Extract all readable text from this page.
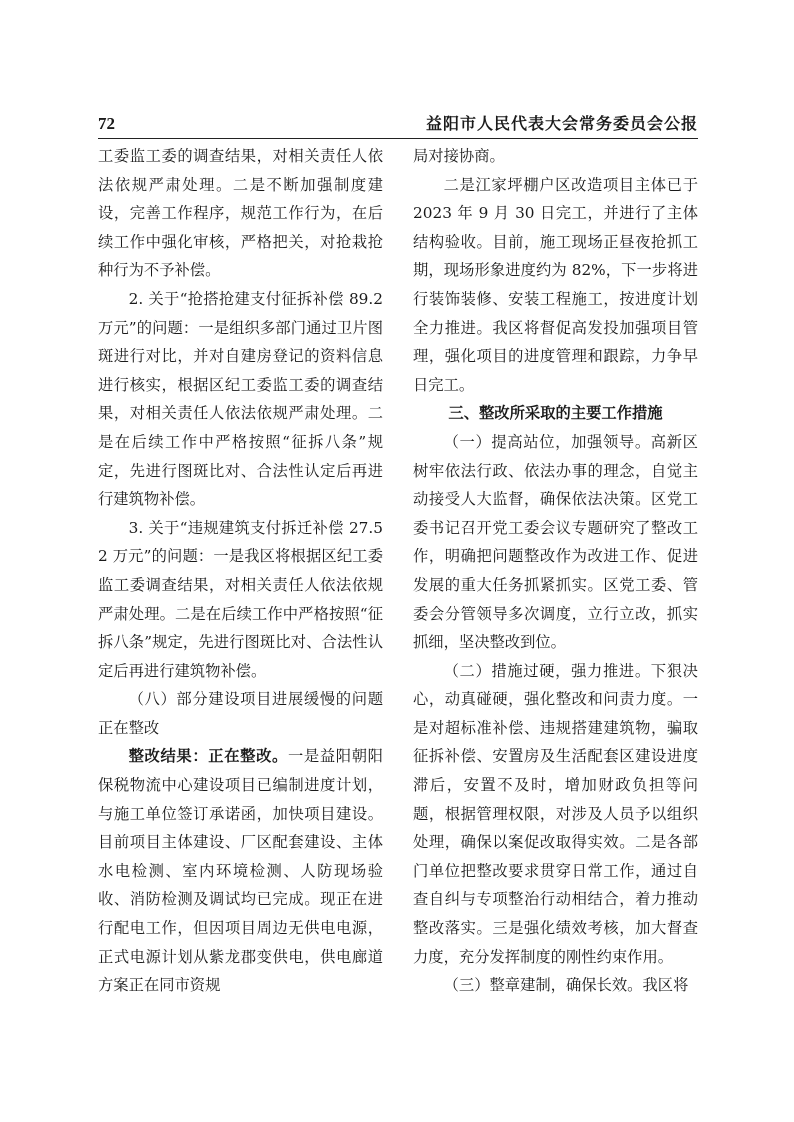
72	益阳市人民代表大会常务委员会公报

工委监工委的调查结果，对相关责任人依法依规严肃处理。二是不断加强制度建设，完善工作程序，规范工作行为，在后续工作中强化审核，严格把关，对抢栽抢种行为不予补偿。

2. 关于“抢搭抢建支付征拆补偿 89.2 万元”的问题：一是组织多部门通过卫片图斑进行对比，并对自建房登记的资料信息进行核实，根据区纪工委监工委的调查结果，对相关责任人依法依规严肃处理。二是在后续工作中严格按照“征拆八条”规定，先进行图斑比对、合法性认定后再进行建筑物补偿。

3. 关于“违规建筑支付拆迁补偿 27.52 万元”的问题：一是我区将根据区纪工委监工委调查结果，对相关责任人依法依规严肃处理。二是在后续工作中严格按照“征拆八条”规定，先进行图斑比对、合法性认定后再进行建筑物补偿。

（八）部分建设项目进展缓慢的问题正在整改

整改结果：正在整改。一是益阳朝阳保税物流中心建设项目已编制进度计划，与施工单位签订承诺函，加快项目建设。目前项目主体建设、厂区配套建设、主体水电检测、室内环境检测、人防现场验收、消防检测及调试均已完成。现正在进行配电工作，但因项目周边无供电电源，正式电源计划从紫龙郡变供电，供电廊道方案正在同市资规

局对接协商。

二是江家坪棚户区改造项目主体已于 2023 年 9 月 30 日完工，并进行了主体结构验收。目前，施工现场正昼夜抢抓工期，现场形象进度约为 82%，下一步将进行装饰装修、安装工程施工，按进度计划全力推进。我区将督促高发投加强项目管理，强化项目的进度管理和跟踪，力争早日完工。

三、整改所采取的主要工作措施

（一）提高站位，加强领导。高新区树牢依法行政、依法办事的理念，自觉主动接受人大监督，确保依法决策。区党工委书记召开党工委会议专题研究了整改工作，明确把问题整改作为改进工作、促进发展的重大任务抓紧抓实。区党工委、管委会分管领导多次调度，立行立改，抓实抓细，坚决整改到位。

（二）措施过硬，强力推进。下狠决心，动真碰硬，强化整改和问责力度。一是对超标准补偿、违规搭建建筑物，骗取征拆补偿、安置房及生活配套区建设进度滞后，安置不及时，增加财政负担等问题，根据管理权限，对涉及人员予以组织处理，确保以案促改取得实效。二是各部门单位把整改要求贯穿日常工作，通过自查自纠与专项整治行动相结合，着力推动整改落实。三是强化绩效考核，加大督查力度，充分发挥制度的刚性约束作用。

（三）整章建制，确保长效。我区将
